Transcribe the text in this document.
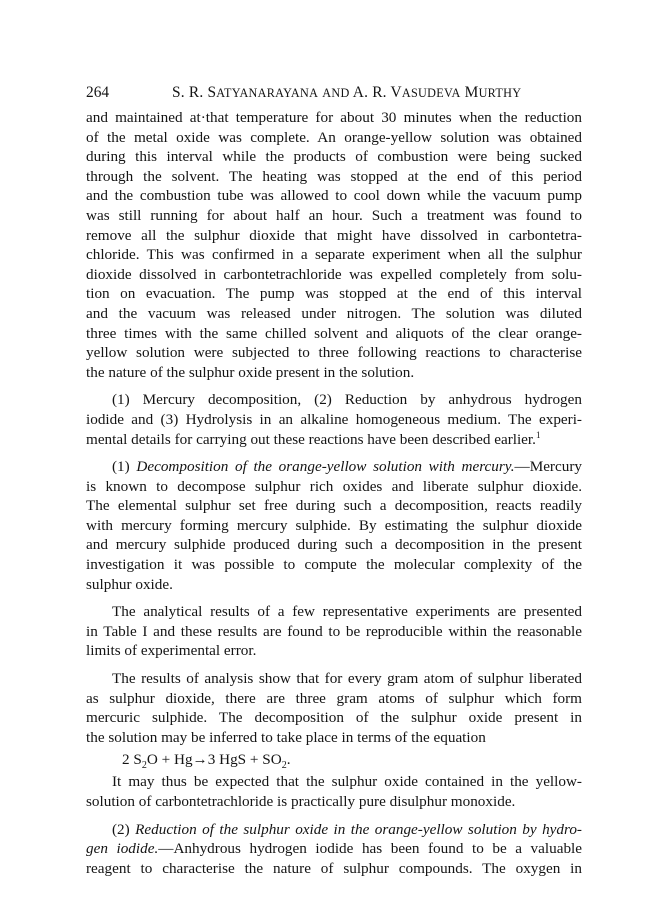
264	S. R. SATYANARAYANA AND A. R. VASUDEVA MURTHY
and maintained at·that temperature for about 30 minutes when the reduction
of the metal oxide was complete. An orange-yellow solution was obtained
during this interval while the products of combustion were being sucked
through the solvent. The heating was stopped at the end of this period
and the combustion tube was allowed to cool down while the vacuum pump
was still running for about half an hour. Such a treatment was found to
remove all the sulphur dioxide that might have dissolved in carbontetra-
chloride. This was confirmed in a separate experiment when all the sulphur
dioxide dissolved in carbontetrachloride was expelled completely from solu-
tion on evacuation. The pump was stopped at the end of this interval
and the vacuum was released under nitrogen. The solution was diluted
three times with the same chilled solvent and aliquots of the clear orange-
yellow solution were subjected to three following reactions to characterise
the nature of the sulphur oxide present in the solution.
(1) Mercury decomposition, (2) Reduction by anhydrous hydrogen
iodide and (3) Hydrolysis in an alkaline homogeneous medium. The experi-
mental details for carrying out these reactions have been described earlier.$^1$
(1) Decomposition of the orange-yellow solution with mercury.—Mercury
is known to decompose sulphur rich oxides and liberate sulphur dioxide.
The elemental sulphur set free during such a decomposition, reacts readily
with mercury forming mercury sulphide. By estimating the sulphur dioxide
and mercury sulphide produced during such a decomposition in the present
investigation it was possible to compute the molecular complexity of the
sulphur oxide.
The analytical results of a few representative experiments are presented
in Table I and these results are found to be reproducible within the reasonable
limits of experimental error.
The results of analysis show that for every gram atom of sulphur liberated
as sulphur dioxide, there are three gram atoms of sulphur which form
mercuric sulphide. The decomposition of the sulphur oxide present in
the solution may be inferred to take place in terms of the equation
2 $S_2O + Hg\to 3$ HgS + $SO_2$.
It may thus be expected that the sulphur oxide contained in the yellow-
solution of carbontetrachloride is practically pure disulphur monoxide.
(2) Reduction of the sulphur oxide in the orange-yellow solution by hydro-
gen iodide.—Anhydrous hydrogen iodide has been found to be a valuable
reagent to characterise the nature of sulphur compounds. The oxygen in
